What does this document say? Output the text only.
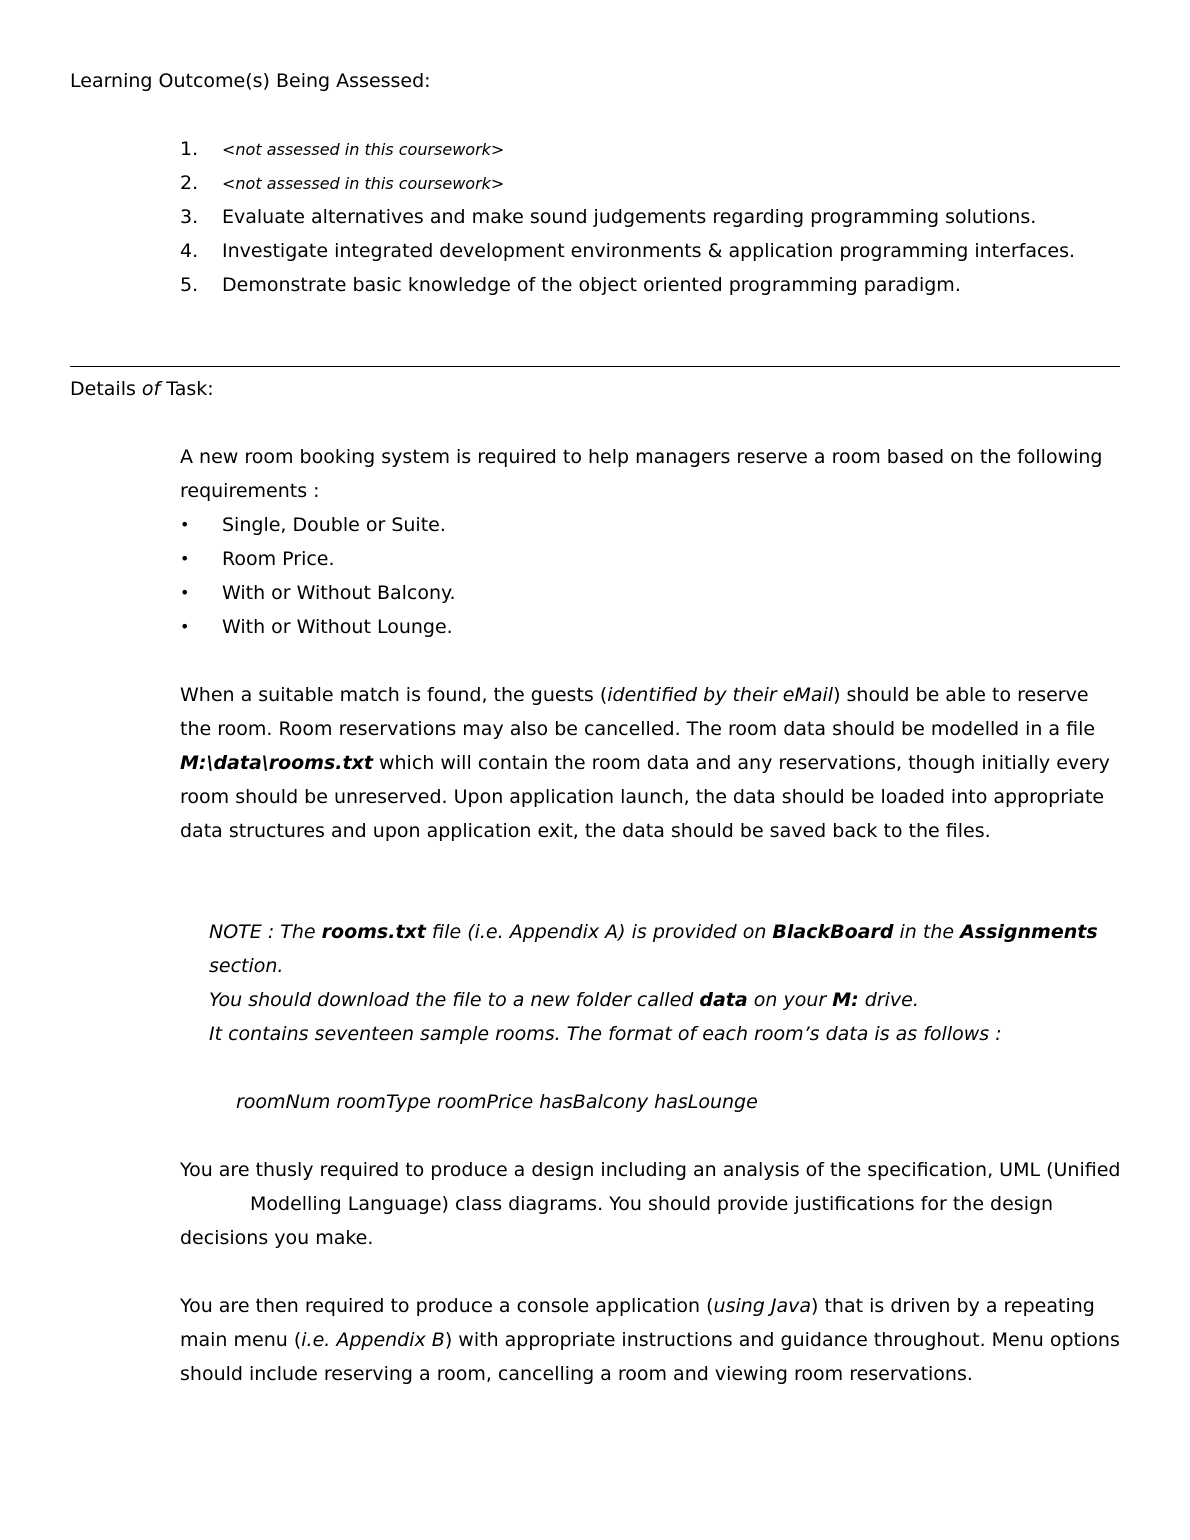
Learning Outcome(s) Being Assessed:
1. <not assessed in this coursework>
2. <not assessed in this coursework>
3. Evaluate alternatives and make sound judgements regarding programming solutions.
4. Investigate integrated development environments & application programming interfaces.
5. Demonstrate basic knowledge of the object oriented programming paradigm.
Details of Task:

A new room booking system is required to help managers reserve a room based on the following requirements :

• Single, Double or Suite.
• Room Price.
• With or Without Balcony.
• With or Without Lounge.

When a suitable match is found, the guests (identified by their eMail) should be able to reserve the room. Room reservations may also be cancelled. The room data should be modelled in a file M:\data\rooms.txt which will contain the room data and any reservations, though initially every room should be unreserved. Upon application launch, the data should be loaded into appropriate data structures and upon application exit, the data should be saved back to the files.

NOTE : The rooms.txt file (i.e. Appendix A) is provided on BlackBoard in the Assignments section.
You should download the file to a new folder called data on your M: drive.
It contains seventeen sample rooms. The format of each room’s data is as follows :

roomNum roomType roomPrice hasBalcony hasLounge

You are thusly required to produce a design including an analysis of the specification, UML (UnifiedModelling Language) class diagrams. You should provide justifications for the design decisions you make.

You are then required to produce a console application (using Java) that is driven by a repeating main menu (i.e. Appendix B) with appropriate instructions and guidance throughout. Menu options should include reserving a room, cancelling a room and viewing room reservations.
